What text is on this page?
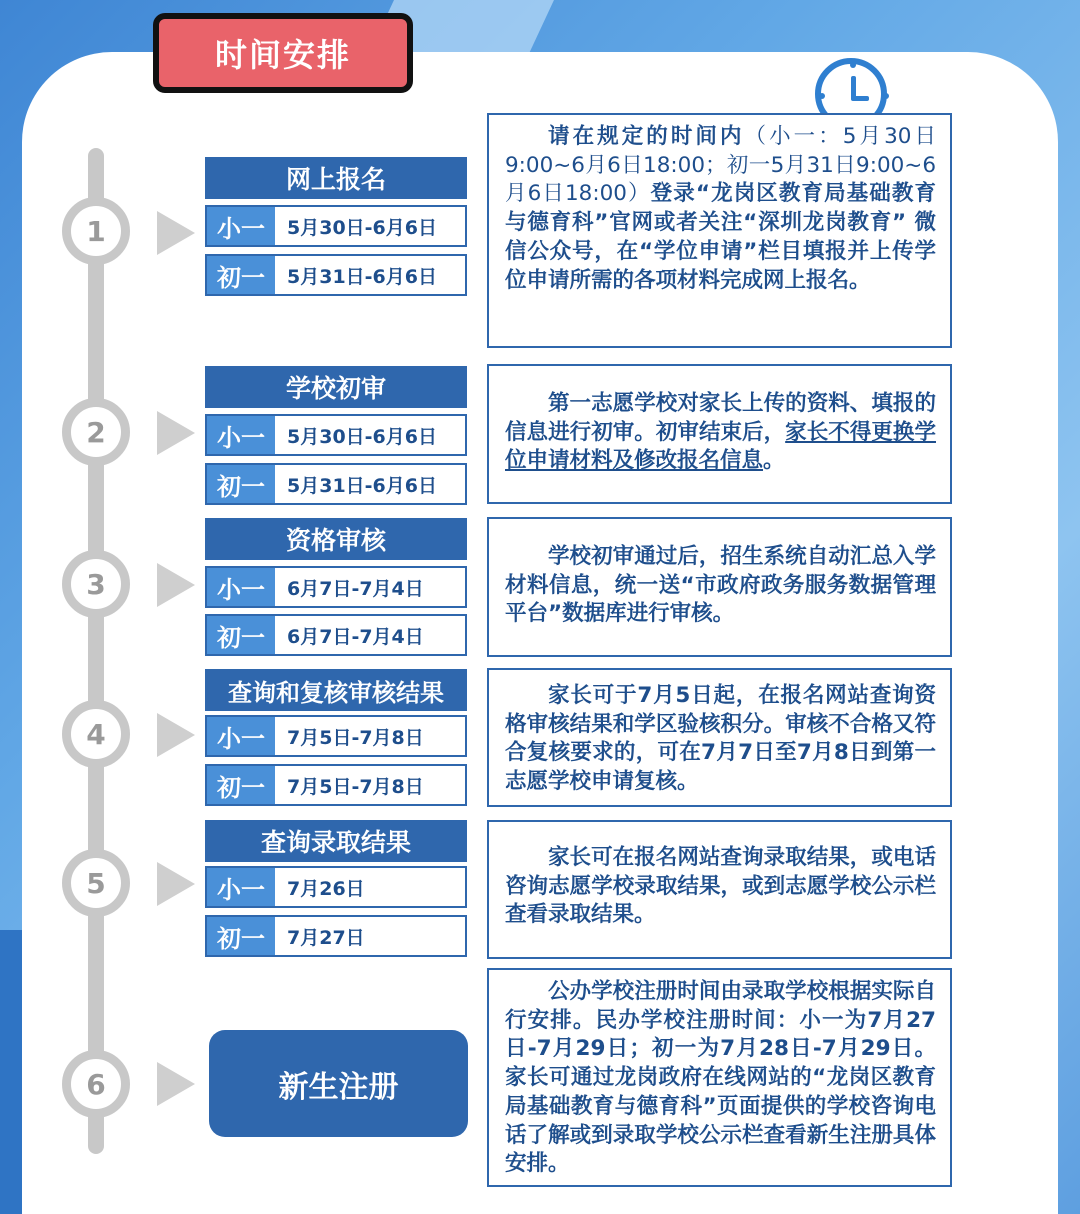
时间安排
1
2
3
4
5
6
网上报名
小一	5月30日-6月6日
初一	5月31日-6月6日
学校初审
小一	5月30日-6月6日
初一	5月31日-6月6日
资格审核
小一	6月7日-7月4日
初一	6月7日-7月4日
查询和复核审核结果
小一	7月5日-7月8日
初一	7月5日-7月8日
查询录取结果
小一	7月26日
初一	7月27日
新生注册
请在规定的时间内（小一：5月30日9:00~6月6日18:00；初一5月31日9:00~6月6日18:00）登录“龙岗区教育局基础教育与德育科”官网或者关注“深圳龙岗教育” 微信公众号，在“学位申请”栏目填报并上传学位申请所需的各项材料完成网上报名。
第一志愿学校对家长上传的资料、填报的信息进行初审。初审结束后，家长不得更换学位申请材料及修改报名信息。
学校初审通过后，招生系统自动汇总入学材料信息，统一送“市政府政务服务数据管理平台”数据库进行审核。
家长可于7月5日起，在报名网站查询资格审核结果和学区验核积分。审核不合格又符合复核要求的，可在7月7日至7月8日到第一志愿学校申请复核。
家长可在报名网站查询录取结果，或电话咨询志愿学校录取结果，或到志愿学校公示栏查看录取结果。
公办学校注册时间由录取学校根据实际自行安排。民办学校注册时间：小一为7月27日-7月29日；初一为7月28日-7月29日。家长可通过龙岗政府在线网站的“龙岗区教育局基础教育与德育科”页面提供的学校咨询电话了解或到录取学校公示栏查看新生注册具体安排。
